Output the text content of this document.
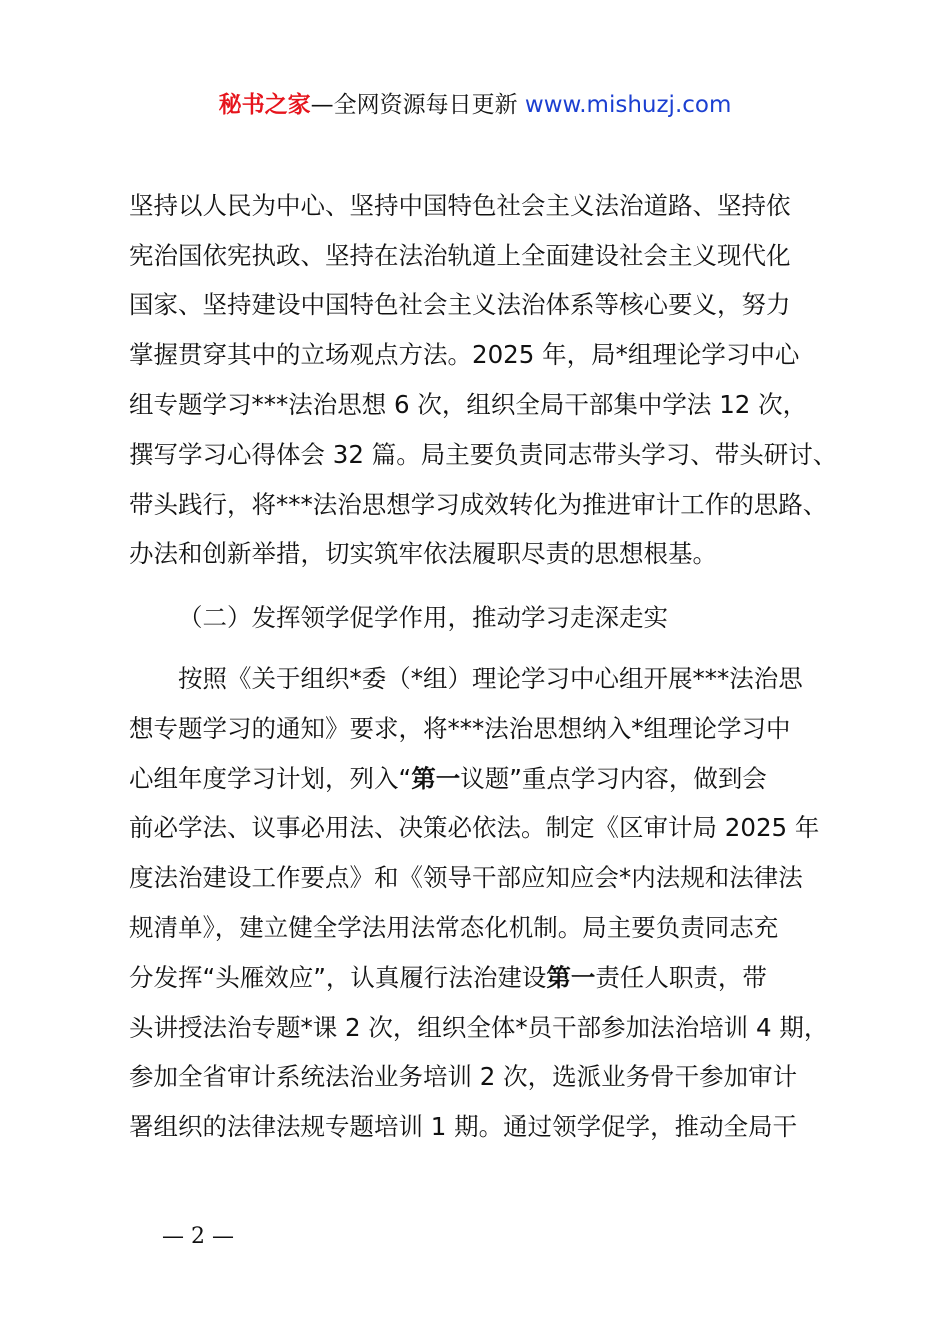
秘书之家—全网资源每日更新 www.mishuzj.com
坚持以人民为中心、坚持中国特色社会主义法治道路、坚持依
宪治国依宪执政、坚持在法治轨道上全面建设社会主义现代化
国家、坚持建设中国特色社会主义法治体系等核心要义，努力
掌握贯穿其中的立场观点方法。2025 年，局*组理论学习中心
组专题学习***法治思想 6 次，组织全局干部集中学法 12 次，
撰写学习心得体会 32 篇。局主要负责同志带头学习、带头研讨、
带头践行，将***法治思想学习成效转化为推进审计工作的思路、
办法和创新举措，切实筑牢依法履职尽责的思想根基。
（二）发挥领学促学作用，推动学习走深走实
按照《关于组织*委（*组）理论学习中心组开展***法治思
想专题学习的通知》要求，将***法治思想纳入*组理论学习中
心组年度学习计划，列入“第一议题”重点学习内容，做到会
前必学法、议事必用法、决策必依法。制定《区审计局 2025 年
度法治建设工作要点》和《领导干部应知应会*内法规和法律法
规清单》，建立健全学法用法常态化机制。局主要负责同志充
分发挥“头雁效应”，认真履行法治建设第一责任人职责，带
头讲授法治专题*课 2 次，组织全体*员干部参加法治培训 4 期，
参加全省审计系统法治业务培训 2 次，选派业务骨干参加审计
署组织的法律法规专题培训 1 期。通过领学促学，推动全局干
— 2 —
